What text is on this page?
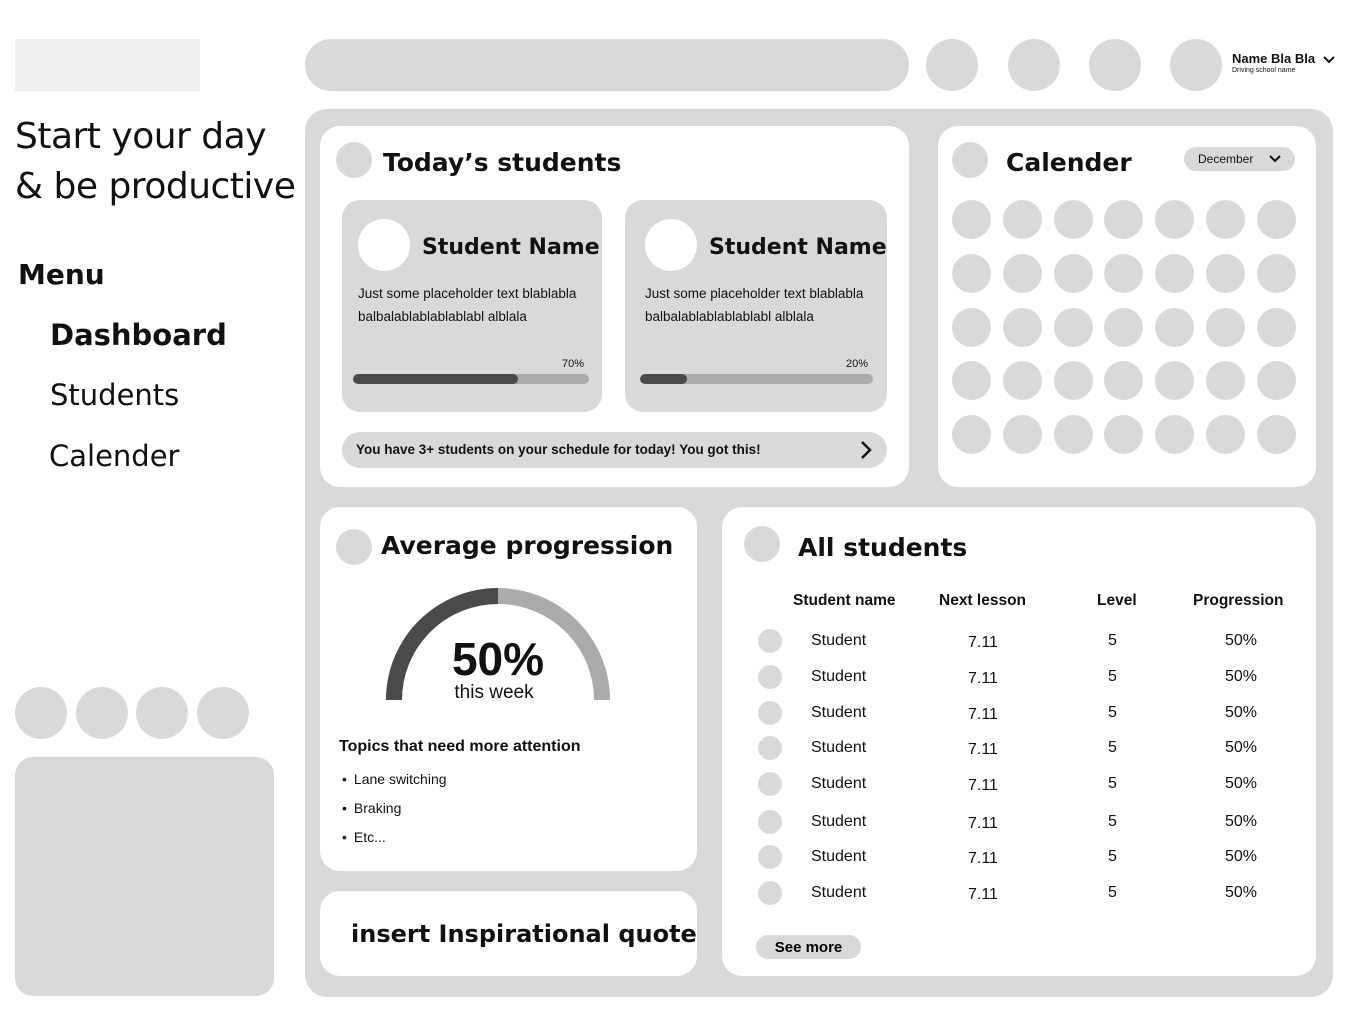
Start your day
& be productive
Menu
Dashboard
Students
Calender
Name Bla Bla
Driving school name
Today’s students
Student Name
Just some placeholder text blablablabalbalablablablablabl alblala
70%
Student Name
Just some placeholder text blablablabalbalablablablablabl alblala
20%
You have 3+ students on your schedule for today! You got this!
Calender	December
Average progression
50%
this week
Topics that need more attention
• Lane switching
• Braking
• Etc...
insert Inspirational quote
All students
Student name	Next lesson	Level	Progression
Student	7.11	5	50%
Student	7.11	5	50%
Student	7.11	5	50%
Student	7.11	5	50%
Student	7.11	5	50%
Student	7.11	5	50%
Student	7.11	5	50%
Student	7.11	5	50%
See more
